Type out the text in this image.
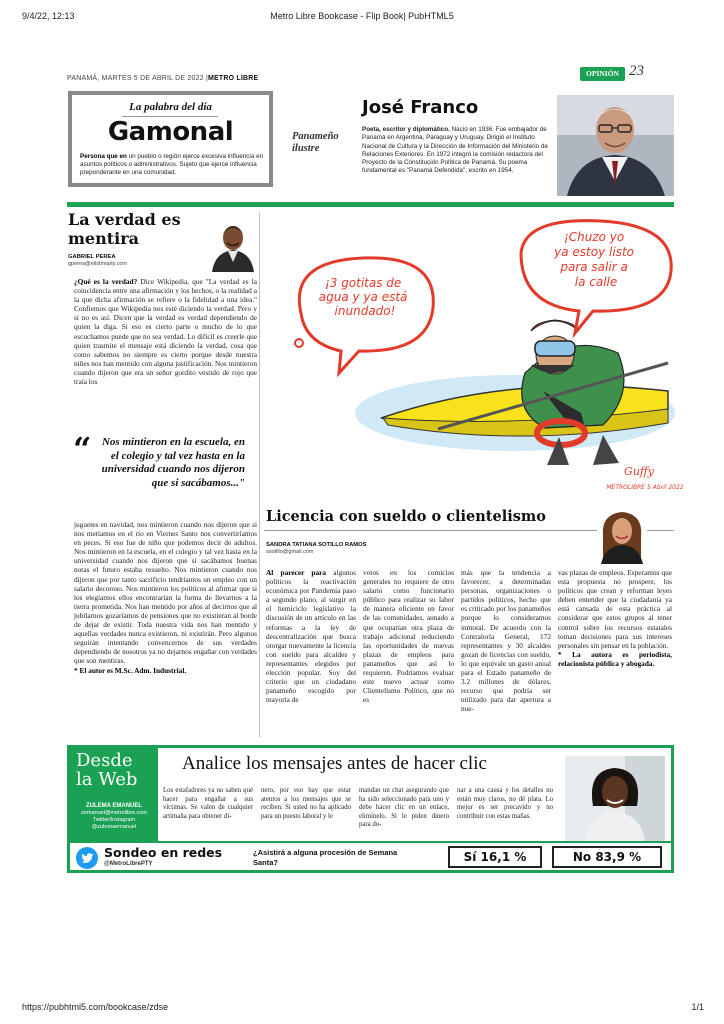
9/4/22, 12:13	Metro Libre Bookcase - Flip Book| PubHTML5
PANAMÁ, MARTES 5 DE ABRIL DE 2022 |METRO LIBRE
OPINIÓN 23
La palabra del día
Gamonal
Persona que en un pueblo o región ejerce excesiva influencia en asuntos políticos o administrativos. Sujeto que ejerce influencia preponderante en una comunidad.
Panameño
ilustre
José Franco
Poeta, escritor y diplomático. Nació en 1936. Fue embajador de Panamá en Argentina, Paraguay y Uruguay. Dirigió el Instituto Nacional de Cultura y la Dirección de Información del Ministerio de Relaciones Exteriores. En 1972 integró la comisión redactora del Proyecto de la Constitución Política de Panamá. Su poema fundamental es "Panamá Defendida", escrito en 1954.
La verdad es mentira
GABRIEL PEREA
gperea@elistmopty.com
¿Qué es la verdad? Dice Wikipedia, que "La verdad es la coincidencia entre una afirmación y los hechos, o la realidad a la que dicha afirmación se refiere o la fidelidad a una idea." Confiemos que Wikipedia nos esté diciendo la verdad. Pero y si no es así. Dicen que la verdad es verdad dependiendo de quien la diga. Si eso es cierto parte o mucho de lo que escuchamos puede que no sea verdad. Lo difícil es creerle que quien trasmite el mensaje está diciendo la verdad, cosa que como sabemos no siempre es cierto porque desde nuestra niñes nos han mentido con alguna justificación. Nos mintieron cuando dijeron que era un señor gordito vestido de rojo que traía los
“ Nos mintieron en la escuela, en el colegio y tal vez hasta en la universidad cuando nos dijeron que si sacábamos..."
juguetes en navidad, nos mintieron cuando nos dijeron que si nos metíamos en el río en Viernes Santo nos convertiríamos en peces. Si eso fue de niño que podemos decir de adultos. Nos mintieron en la escuela, en el colegio y tal vez hasta en la universidad cuando nos dijeron que si sacábamos buenas notas el futuro estaba resuelto. Nos mintieron cuando nos dijeron que por tanto sacrificio tendríamos un empleo con un salario decoroso. Nos mintieron los políticos al afirmar que si los elegíamos ellos encontrarían la forma de llevarnos a la tierra prometida. Nos han mentido por años al decirnos que al jubilarnos gozaríamos de pensiones que no existieran al borde de dejar de existir. Toda nuestra vida nos han mentido y aquellas verdades nunca existieron, ni existirán. Pero algunos seguirán intentando convencernos de sus verdades dependiendo de nosotros ya no dejarnos engañar con verdades que son mentiras.
* El autor es M.Sc. Adm. Industrial.
¡3 gotitas de agua y ya está inundado!
¡Chuzo yo ya estoy listo para salir a la calle
Guffy
METROLIBRE 5 Abril 2022
Licencia con sueldo o clientelismo
SANDRA TATIANA SOTILLO RAMOS
ssotillo@gmail.com
Al parecer para algunos políticos la reactivación económica por Pandemia paso a segundo plano, al surgir en el hemiciclo legislativo la discusión de un artículo en las reformas a la ley de descentralización que busca otorgar nuevamente la licencia con sueldo para alcaldes y representantes elegidos por elección popular. Soy del criterio que un ciudadano panameño escogido por mayoría de
votos en los comicios generales no requiere de otro salario como funcionario público para realizar su labor de manera eficiente en favor de las comunidades, aunado a que ocuparían otra plaza de trabajo adicional reduciendo las oportunidades de nuevas plazas de empleos para panameños que así lo requieren. Podríamos evaluar este nuevo actuar como Clientelismo Político, que no es
más que la tendencia a favorecer, a determinadas personas, organizaciones o partidos políticos, hecho que es criticado por los panameños porque lo consideramos inmoral. De acuerdo con la Contraloría General, 172 representantes y 30 alcaldes gozan de licencias con sueldo, lo que equivale un gasto anual para el Estado panameño de 3.2 millones de dólares, recurso que podría ser utilizado para dar apertura a nue-
vas plazas de empleos. Esperamos que esta propuesta no prospere, los políticos que crean y reforman leyes deben entender que la ciudadanía ya está cansada de esta práctica al considerar que estos grupos al tener control sobre los recursos estatales toman decisiones para sus intereses personales sin pensar en la población.
* La autora es periodista, relacionista pública y abogada.
Desde la Web
ZULEMA EMANUEL
zemanuel@metrolibre.com
Twitter/Instagram
@zulemaemanuel
Analice los mensajes antes de hacer clic
Los estafadores ya no saben qué hacer para engañar a sus víctimas. Se valen de cualquier artimaña para obtener di-
nero, por eso hay que estar atentos a los mensajes que se reciben. Si usted no ha aplicado para un puesto laboral y le
mandan un chat asegurando que ha sido seleccionado para uno y debe hacer clic en un enlace, elimínelo. Si le piden dinero para do-
nar a una causa y los detalles no están muy claros, no dé plata. Lo mejor es ser precavido y no contribuir con estas mañas.
Sondeo en redes
@MetroLibrePTY
¿Asistirá a alguna procesión de Semana Santa?	Sí 16,1 %	No 83,9 %
https://pubhtml5.com/bookcase/zdse	1/1
